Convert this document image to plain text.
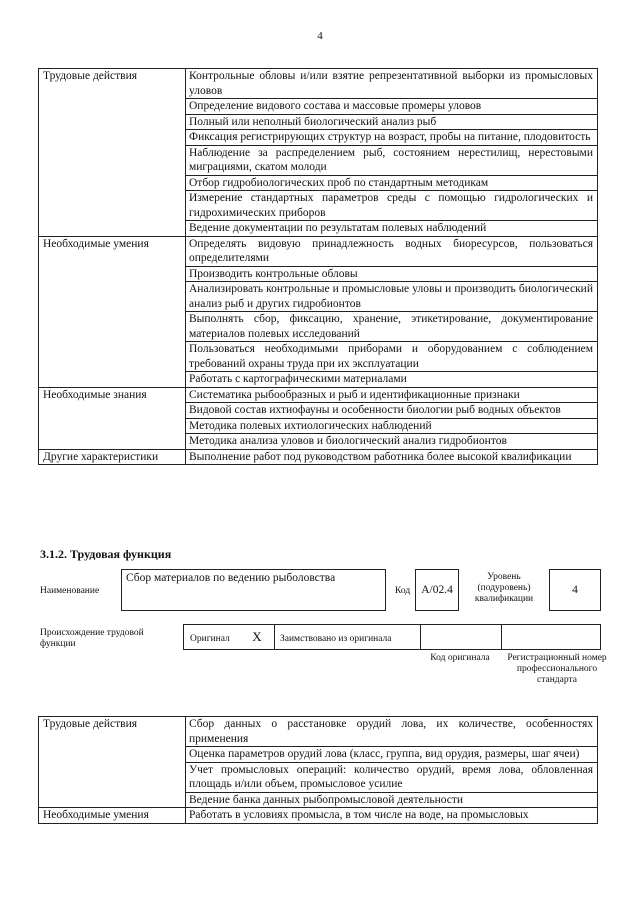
4
Трудовые действия	Контрольные обловы и/или взятие репрезентативной выборки из промысловых уловов
	Определение видового состава и массовые промеры уловов
	Полный или неполный биологический анализ рыб
	Фиксация регистрирующих структур на возраст, пробы на питание, плодовитость
	Наблюдение за распределением рыб, состоянием нерестилищ, нерестовыми миграциями, скатом молоди
	Отбор гидробиологических проб по стандартным методикам
	Измерение стандартных параметров среды с помощью гидрологических и гидрохимических приборов
	Ведение документации по результатам полевых наблюдений
Необходимые умения	Определять видовую принадлежность водных биоресурсов, пользоваться определителями
	Производить контрольные обловы
	Анализировать контрольные и промысловые уловы и производить биологический анализ рыб и других гидробионтов
	Выполнять сбор, фиксацию, хранение, этикетирование, документирование материалов полевых исследований
	Пользоваться необходимыми приборами и оборудованием с соблюдением требований охраны труда при их эксплуатации
	Работать с картографическими материалами
Необходимые знания	Систематика рыбообразных и рыб и идентификационные признаки
	Видовой состав ихтиофауны и особенности биологии рыб водных объектов
	Методика полевых ихтиологических наблюдений
	Методика анализа уловов и биологический анализ гидробионтов
Другие характеристики	Выполнение работ под руководством работника более высокой квалификации
3.1.2. Трудовая функция
Наименование
Сбор материалов по ведению рыболовства
Код А/02.4
Уровень (подуровень) квалификации
4
Происхождение трудовой функции	Оригинал	X	Заимствовано из оригинала
Код оригинала	Регистрационный номер профессионального стандарта
Трудовые действия	Сбор данных о расстановке орудий лова, их количестве, особенностях применения
	Оценка параметров орудий лова (класс, группа, вид орудия, размеры, шаг ячеи)
	Учет промысловых операций: количество орудий, время лова, обловленная площадь и/или объем, промысловое усилие
	Ведение банка данных рыбопромысловой деятельности
Необходимые умения	Работать в условиях промысла, в том числе на воде, на промысловых
